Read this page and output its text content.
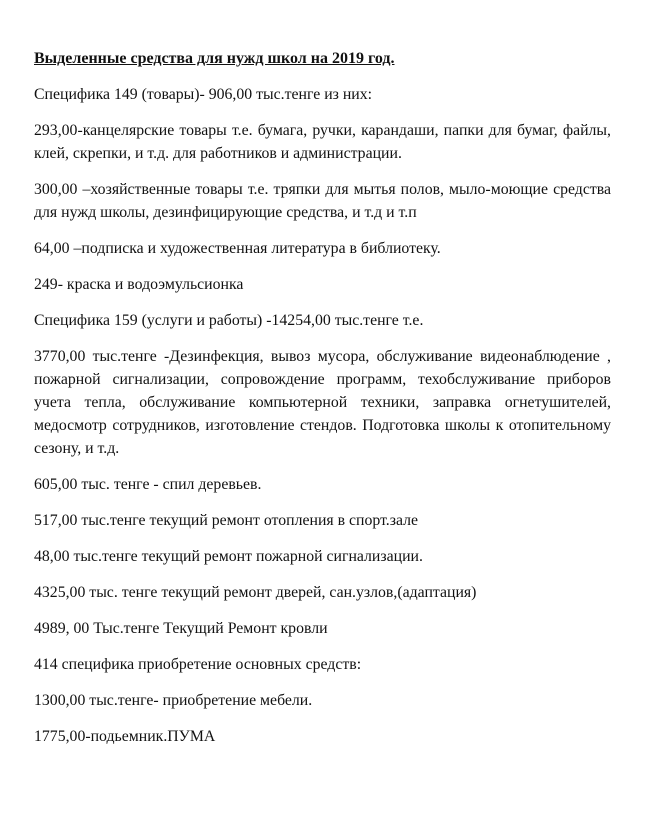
Выделенные средства для нужд школ на 2019 год.

Специфика 149 (товары)- 906,00 тыс.тенге из них:

293,00-канцелярские товары т.е. бумага, ручки, карандаши, папки для бумаг, файлы, клей, скрепки, и т.д. для работников и администрации.

300,00 –хозяйственные товары т.е. тряпки для мытья полов, мыло-моющие средства для нужд школы, дезинфицирующие средства, и т.д и т.п

64,00 –подписка и художественная литература в библиотеку.

249- краска и водоэмульсионка

Специфика 159 (услуги и работы) -14254,00 тыс.тенге т.е.

3770,00 тыс.тенге -Дезинфекция, вывоз мусора, обслуживание видеонаблюдение , пожарной сигнализации, сопровождение программ, техобслуживание приборов учета тепла, обслуживание компьютерной техники, заправка огнетушителей, медосмотр сотрудников, изготовление стендов. Подготовка школы к отопительному сезону, и т.д.

605,00 тыс. тенге - спил деревьев.

517,00 тыс.тенге текущий ремонт отопления в спорт.зале

48,00 тыс.тенге текущий ремонт пожарной сигнализации.

4325,00 тыс. тенге текущий ремонт дверей, сан.узлов,(адаптация)

4989, 00 Тыс.тенге Текущий Ремонт кровли

414 специфика приобретение основных средств:

1300,00 тыс.тенге- приобретение мебели.

1775,00-подьемник.ПУМА
